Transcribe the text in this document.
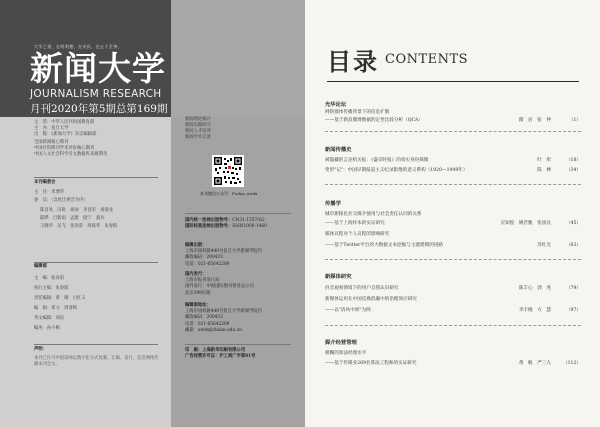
大学之道，在明明德，在亲民，在止于至善。
新闻大学
JOURNALISM RESEARCH
月刊2020年第5期总第169期
主　管：中华人民共和国教育部
主　办：复旦大学
出　版：《新闻大学》杂志编辑部
全国新闻核心期刊
中国社科期刊学术评价核心期刊
中国人文社会科学引文数据库来源期刊
本刊编委会
主　任：米博华
委　员：（以姓氏拼音为序）
陈昌凤　冯锐　胡泳　李良荣　刘海龙
陆晔　吕新雨　孟建　倪宁　童兵
王晓华　吴飞　张涛甫　周葆华　朱春阳
编辑部
主　编：张涛甫
执行主编：朱春阳
责任编辑：黄　瑚　白红义
编　辑：邓力　周睿鸣
英文编辑：刘岩
编务：孙小桐
声明：
本刊已许可中国知网以数字化方式复制、汇编、发行、信息网络传播本刊全文。
新闻理论探讨
新闻实践研究
新闻人才培养
新闻学术交流
本刊微信公众号：Fudan_xwdx
国内统一连续出版物号：CN31-1357/G2
国际标准连续出版物号：ISSN1006-1460
编辑出版：
上海市国权路440号复旦大学新闻学院内
邮政编码：200433
电话：021-65642289
国内发行：
上海市报刊发行局
国外发行：中国国际图书贸易总公司
北京399信箱
编辑部地址：
上海市国权路440号复旦大学新闻学院内
邮政编码：200433
电话：021-65642289
邮箱：xwdx@fudan.edu.cn
印　刷：上海新华印刷有限公司
广告经营许可证：沪工商广字第01号
目录 CONTENTS
光华论坛
网络群体传播背景下的信息扩散
——基于新浪微博数据的定性比较分析（QCA）	隋　岩　张　仲	（1）
新闻传播史
被隐藏的言论机关报：《盛京时报》的真实身份探微	叶　彤	（18）
变形"记"：中国早期报道主义纪录影像的意义系构（1920—1949年）	陈　婵	（34）
传播学
城市新移民社交媒介使用与社会责任认同的关系
——基于上海样本的实证研究	应知悦　姚若甄　张国良	（45）
媒体议程对个人议程的影响研究
——基于Twitter平台的大数据文本挖掘与主题建模的进路	苏红光	（63）
新媒体研究
抖音观看情境下的用户自我认识研究	陈丰心　郭　兆	（79）
新媒体运用在中国反腐倡廉中的治理效应研究
——以"清风中原"为例	李丰晓　方　慧	（97）
媒介经营管理
模糊的算法经理水平
——基于传媒业269名算法工程师的实证研究	黄　帆　严三九	（112）
